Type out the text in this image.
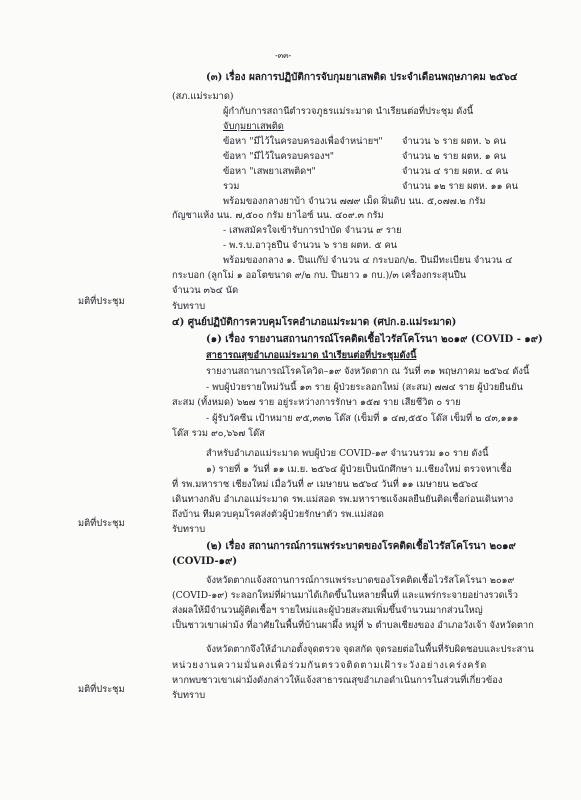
-๓๓-
(๓) เรื่อง ผลการปฏิบัติการจับกุมยาเสพติด ประจำเดือนพฤษภาคม ๒๕๖๔
(สภ.แม่ระมาด)
ผู้กำกับการสถานีตำรวจภูธรแม่ระมาด นำเรียนต่อที่ประชุม ดังนี้
จับกุมยาเสพติด
ข้อหา "มีไว้ในครอบครองเพื่อจำหน่ายฯ" จำนวน ๖ ราย ผตห. ๖ คน
ข้อหา "มีไว้ในครอบครองฯ"	จำนวน ๒ ราย ผตห. ๑ คน
ข้อหา "เสพยาเสพติดฯ"	จำนวน ๔ ราย ผตห. ๔ คน
รวม	จำนวน ๑๒ ราย ผตห. ๑๑ คน
พร้อมของกลางยาบ้า จำนวน ๗๗๙ เม็ด ฝิ่นดิบ นน. ๕,๐๗๗.๒ กรัม
กัญชาแห้ง นน. ๗,๕๐๐ กรัม ยาไอซ์ นน. ๔๐๙.๓ กรัม
- เสพสมัครใจเข้ารับการบำบัด จำนวน ๙ ราย
- พ.ร.บ.อาวุธปืน จำนวน ๖ ราย ผตห. ๕ คน
พร้อมของกลาง ๑. ปืนแก๊ป จำนวน ๔ กระบอก/๒. ปืนมีทะเบียน จำนวน ๔
กระบอก (ลูกโม่ ๑ ออโตขนาด ๙/๒ กบ. ปืนยาว ๑ กบ.)/๓ เครื่องกระสุนปืน
จำนวน ๓๖๔ นัด
มติที่ประชุม	รับทราบ
๔) ศูนย์ปฏิบัติการควบคุมโรคอำเภอแม่ระมาด (ศปก.อ.แม่ระมาด)
(๑) เรื่อง รายงานสถานการณ์โรคติดเชื้อไวรัสโคโรนา ๒๐๑๙ (COVID - ๑๙)
สาธารณสุขอำเภอแม่ระมาด นำเรียนต่อที่ประชุมดังนี้
รายงานสถานการณ์โรคโควิด–๑๙ จังหวัดตาก ณ วันที่ ๓๑ พฤษภาคม ๒๕๖๔ ดังนี้
- พบผู้ป่วยรายใหม่วันนี้ ๑๓ ราย ผู้ป่วยระลอกใหม่ (สะสม) ๗๗๔ ราย ผู้ป่วยยืนยัน
สะสม (ทั้งหมด) ๖๒๗ ราย อยู่ระหว่างการรักษา ๑๕๗ ราย เสียชีวิต ๐ ราย
- ผู้รับวัคซีน เป้าหมาย ๙๕,๓๓๒ โด๊ส (เข็มที่ ๑ ๔๗,๕๕๐ โด๊ส เข็มที่ ๒ ๔๓,๑๑๑
โด๊ส รวม ๙๐,๖๖๗ โด๊ส
สำหรับอำเภอแม่ระมาด พบผู้ป่วย COVID-๑๙ จำนวนรวม ๑๐ ราย ดังนี้
๑) รายที่ ๑ วันที่ ๑๑ เม.ย. ๒๕๖๔ ผู้ป่วยเป็นนักศึกษา ม.เชียงใหม่ ตรวจหาเชื้อ
ที่ รพ.มหาราช เชียงใหม่ เมื่อวันที่ ๙ เมษายน ๒๕๖๔ วันที่ ๑๑ เมษายน ๒๕๖๔
เดินทางกลับ อำเภอแม่ระมาด รพ.แม่สอด รพ.มหาราชแจ้งผลยืนยันติดเชื้อก่อนเดินทาง
ถึงบ้าน ทีมควบคุมโรคส่งตัวผู้ป่วยรักษาตัว รพ.แม่สอด
มติที่ประชุม
รับทราบ
(๒) เรื่อง สถานการณ์การแพร่ระบาดของโรคติดเชื้อไวรัสโคโรนา ๒๐๑๙
(COVID-๑๙)
จังหวัดตากแจ้งสถานการณ์การแพร่ระบาดของโรคติดเชื้อไวรัสโคโรนา ๒๐๑๙
(COVID-๑๙) ระลอกใหม่ที่ผ่านมาได้เกิดขึ้นในหลายพื้นที่ และแพร่กระจายอย่างรวดเร็ว
ส่งผลให้มีจำนวนผู้ติดเชื้อฯ รายใหม่และผู้ป่วยสะสมเพิ่มขึ้นจำนวนมากส่วนใหญ่
เป็นชาวเขาเผ่าม้ง ที่อาศัยในพื้นที่บ้านผาผึ้ง หมู่ที่ ๖ ตำบลเชียงของ อำเภอวังเจ้า จังหวัดตาก
จังหวัดตากจึงให้อำเภอตั้งจุดตรวจ จุดสกัด จุดรอยต่อในพื้นที่รับผิดชอบและประสาน
หน่วยงานความมั่นคงเพื่อร่วมกันตรวจติดตามเฝ้าระวังอย่างเคร่งครัด
หากพบชาวเขาเผ่าม้งดังกล่าวให้แจ้งสาธารณสุขอำเภอดำเนินการในส่วนที่เกี่ยวข้อง
มติที่ประชุม
รับทราบ
